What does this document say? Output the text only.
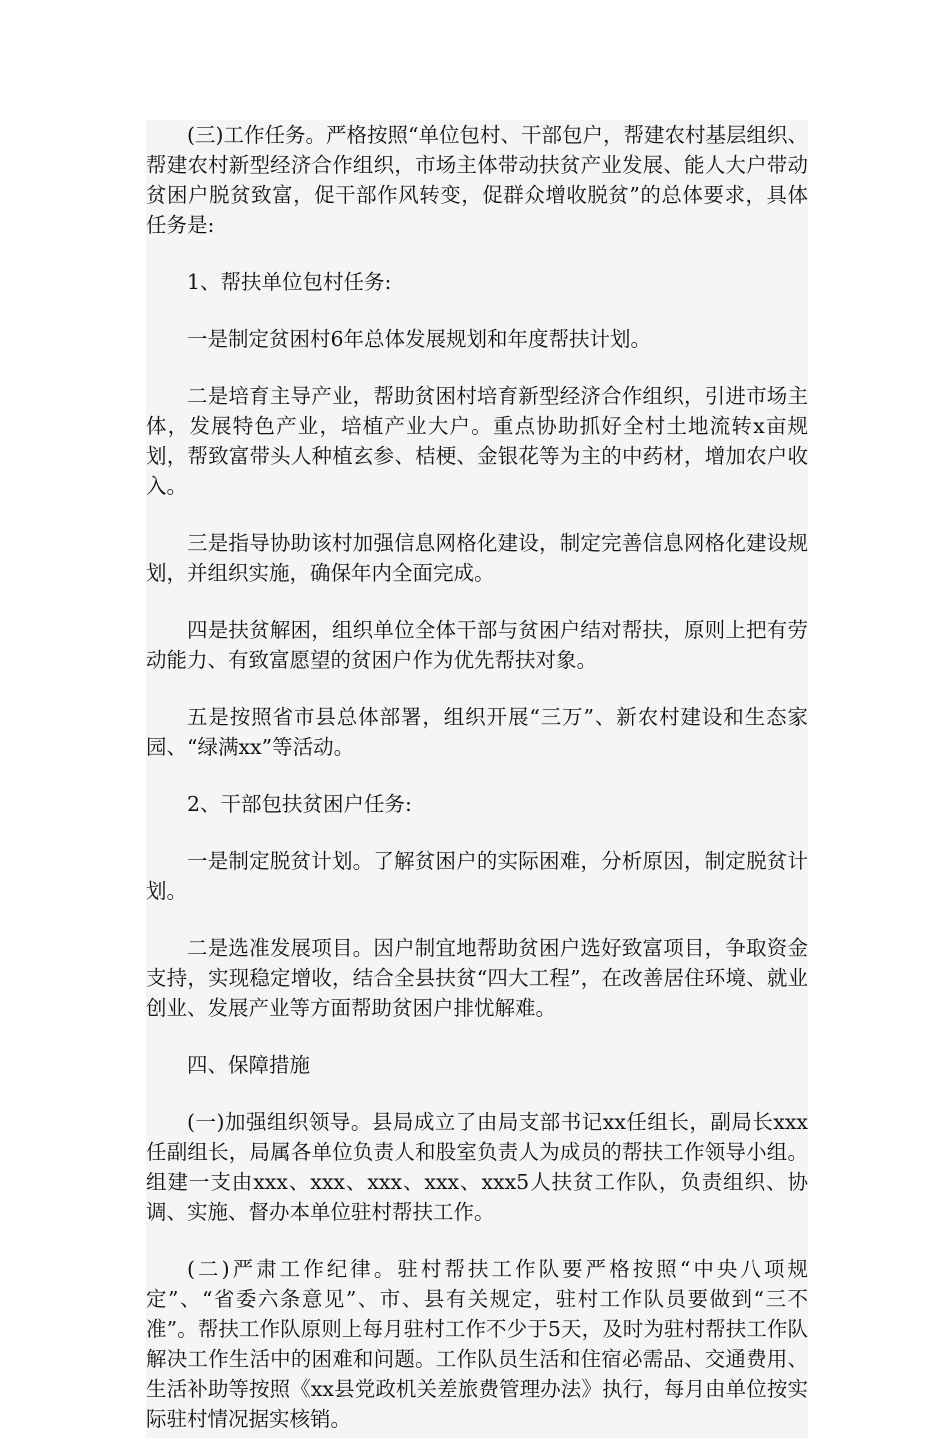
(三)工作任务。严格按照“单位包村、干部包户，帮建农村基层组织、帮建农村新型经济合作组织，市场主体带动扶贫产业发展、能人大户带动贫困户脱贫致富，促干部作风转变，促群众增收脱贫”的总体要求，具体任务是:

1、帮扶单位包村任务:

一是制定贫困村6年总体发展规划和年度帮扶计划。

二是培育主导产业，帮助贫困村培育新型经济合作组织，引进市场主体，发展特色产业，培植产业大户。重点协助抓好全村土地流转x亩规划，帮致富带头人种植玄参、桔梗、金银花等为主的中药材，增加农户收入。

三是指导协助该村加强信息网格化建设，制定完善信息网格化建设规划，并组织实施，确保年内全面完成。

四是扶贫解困，组织单位全体干部与贫困户结对帮扶，原则上把有劳动能力、有致富愿望的贫困户作为优先帮扶对象。

五是按照省市县总体部署，组织开展“三万”、新农村建设和生态家园、“绿满xx”等活动。

2、干部包扶贫困户任务:

一是制定脱贫计划。了解贫困户的实际困难，分析原因，制定脱贫计划。

二是选准发展项目。因户制宜地帮助贫困户选好致富项目，争取资金支持，实现稳定增收，结合全县扶贫“四大工程”，在改善居住环境、就业创业、发展产业等方面帮助贫困户排忧解难。

四、保障措施

(一)加强组织领导。县局成立了由局支部书记xx任组长，副局长xxx任副组长，局属各单位负责人和股室负责人为成员的帮扶工作领导小组。组建一支由xxx、xxx、xxx、xxx、xxx5人扶贫工作队，负责组织、协调、实施、督办本单位驻村帮扶工作。

(二)严肃工作纪律。驻村帮扶工作队要严格按照“中央八项规定”、“省委六条意见”、市、县有关规定，驻村工作队员要做到“三不准”。帮扶工作队原则上每月驻村工作不少于5天，及时为驻村帮扶工作队解决工作生活中的困难和问题。工作队员生活和住宿必需品、交通费用、生活补助等按照《xx县党政机关差旅费管理办法》执行，每月由单位按实际驻村情况据实核销。
